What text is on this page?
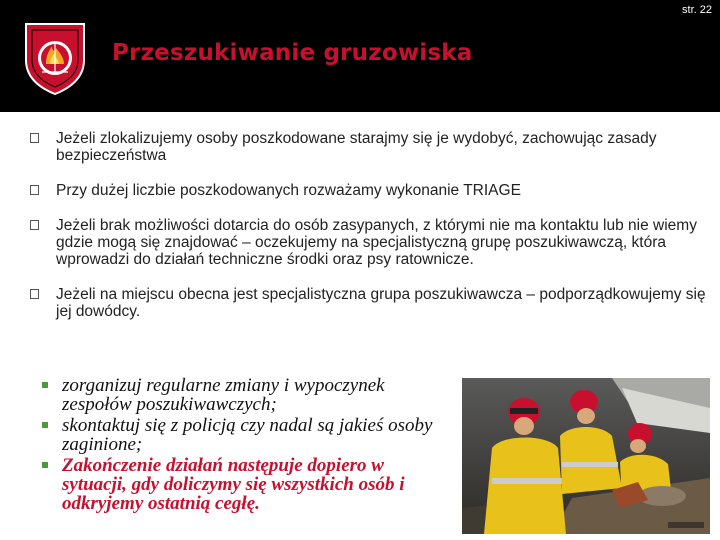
str. 22
Przeszukiwanie gruzowiska
Jeżeli zlokalizujemy osoby poszkodowane starajmy się je wydobyć, zachowując zasady bezpieczeństwa
Przy dużej liczbie poszkodowanych rozważamy wykonanie TRIAGE
Jeżeli brak możliwości dotarcia do osób zasypanych, z którymi nie ma kontaktu lub nie wiemy gdzie mogą się znajdować – oczekujemy na specjalistyczną grupę poszukiwawczą, która wprowadzi do działań techniczne środki oraz psy ratownicze.
Jeżeli na miejscu obecna jest specjalistyczna grupa poszukiwawcza – podporządkowujemy się jej dowódcy.
zorganizuj regularne zmiany i wypoczynek zespołów poszukiwawczych;
skontaktuj się z policją czy nadal są jakieś osoby zaginione;
Zakończenie działań następuje dopiero w sytuacji, gdy doliczymy się wszystkich osób i odkryjemy ostatnią cegłę.
